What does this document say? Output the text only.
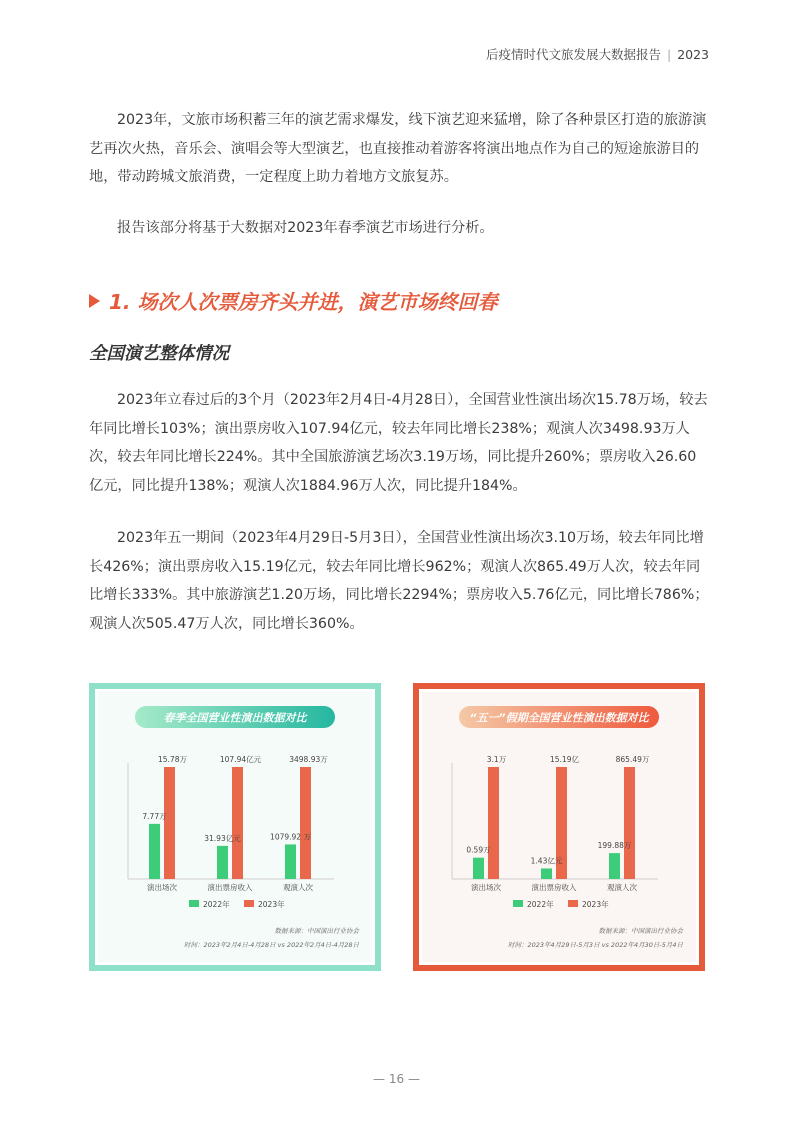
后疫情时代文旅发展大数据报告 | 2023

2023年，文旅市场积蓄三年的演艺需求爆发，线下演艺迎来猛增，除了各种景区打造的旅游演艺再次火热，音乐会、演唱会等大型演艺，也直接推动着游客将演出地点作为自己的短途旅游目的地，带动跨城文旅消费，一定程度上助力着地方文旅复苏。

报告该部分将基于大数据对2023年春季演艺市场进行分析。

1. 场次人次票房齐头并进，演艺市场终回春
全国演艺整体情况

2023年立春过后的3个月（2023年2月4日-4月28日），全国营业性演出场次15.78万场，较去年同比增长103%；演出票房收入107.94亿元，较去年同比增长238%；观演人次3498.93万人次，较去年同比增长224%。其中全国旅游演艺场次3.19万场，同比提升260%；票房收入26.60亿元，同比提升138%；观演人次1884.96万人次，同比提升184%。

2023年五一期间（2023年4月29日-5月3日），全国营业性演出场次3.10万场，较去年同比增长426%；演出票房收入15.19亿元，较去年同比增长962%；观演人次865.49万人次，较去年同比增长333%。其中旅游演艺1.20万场，同比增长2294%；票房收入5.76亿元，同比增长786%；观演人次505.47万人次，同比增长360%。

春季全国营业性演出数据对比
7.77万
15.78万
演出场次
31.93亿元
107.94亿元
演出票房收入
1079.92 万
3498.93万
观演人次
2022年	2023年
数据来源：中国演出行业协会
时间：2023年2月4日-4月28日 vs 2022年2月4日-4月28日
“五一”假期全国营业性演出数据对比
0.59万
3.1万
演出场次
1.43亿元
15.19亿
演出票房收入
199.88万
865.49万
观演人次
2022年	2023年
数据来源：中国演出行业协会
时间：2023年4月29日-5月3日 vs 2022年4月30日-5月4日
— 16 —
